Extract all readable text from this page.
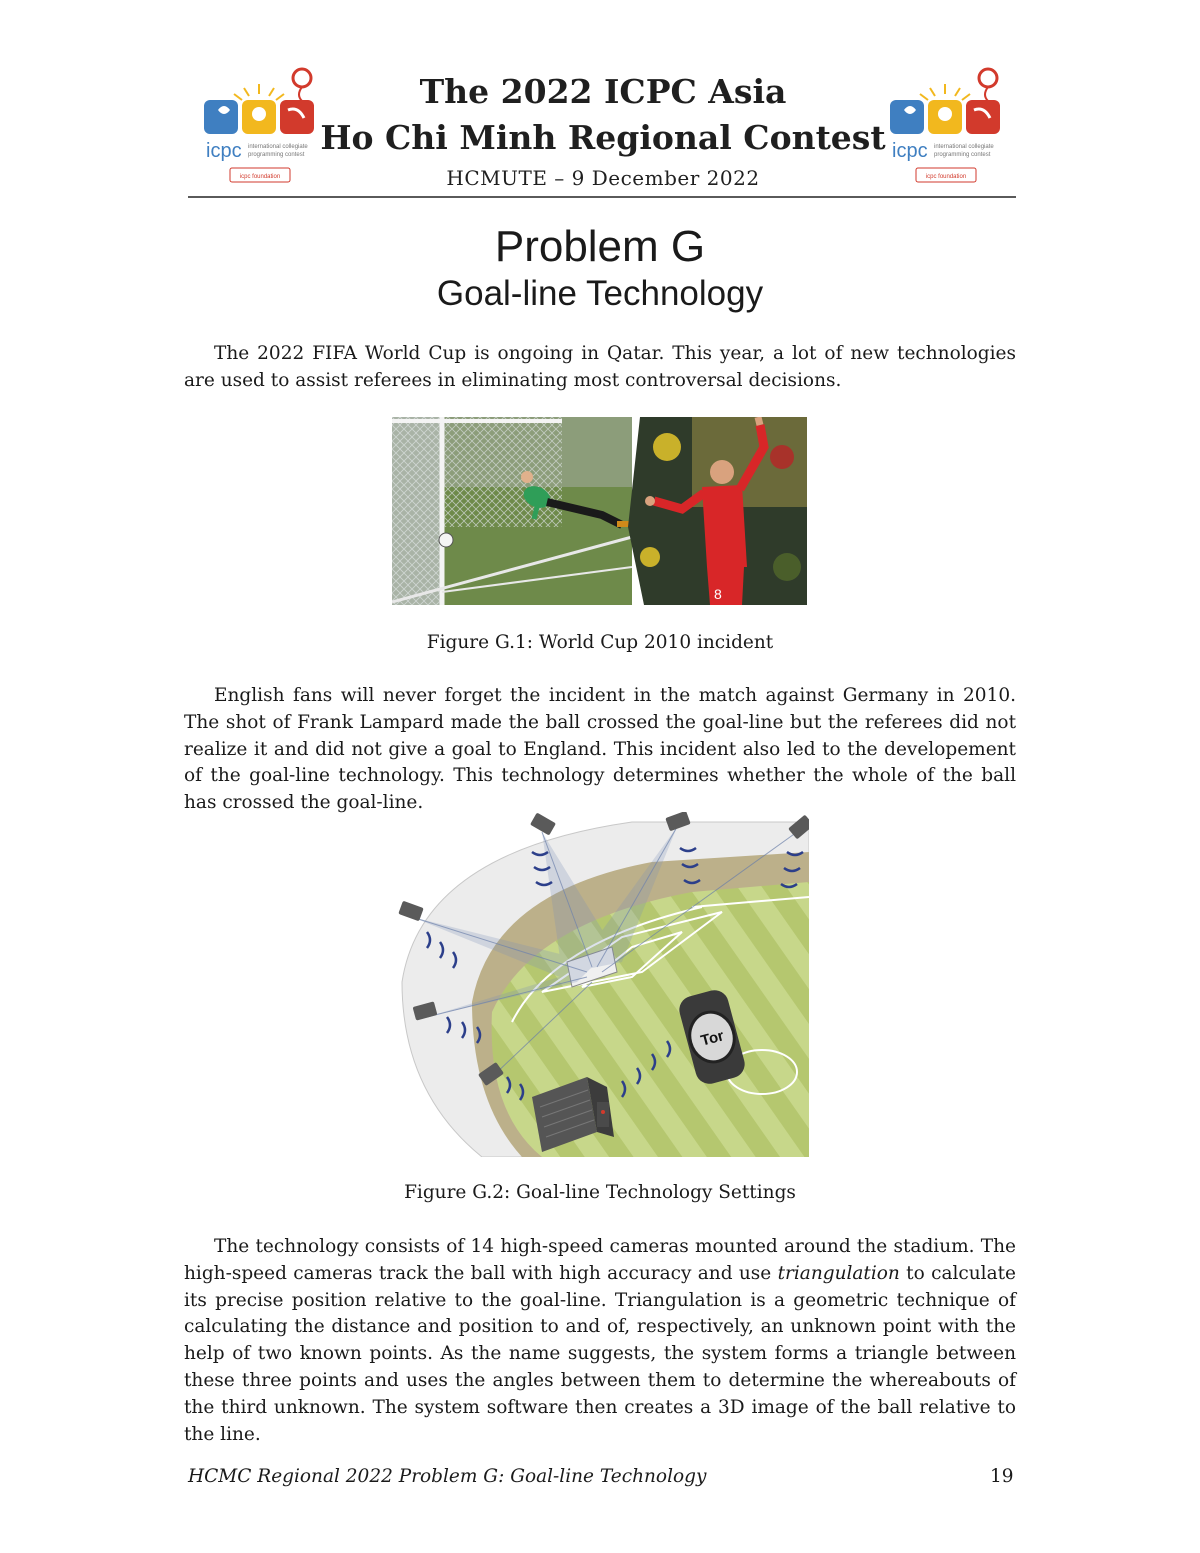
icpc international collegiate
programming contest
icpc foundation
The 2022 ICPC Asia
Ho Chi Minh Regional Contest
HCMUTE – 9 December 2022
icpc international collegiate
programming contest
icpc foundation
Problem G
Goal-line Technology
The 2022 FIFA World Cup is ongoing in Qatar. This year, a lot of new technologies are used to assist referees in eliminating most controversal decisions.
8
Figure G.1: World Cup 2010 incident
English fans will never forget the incident in the match against Germany in 2010. The shot of Frank Lampard made the ball crossed the goal-line but the referees did not realize it and did not give a goal to England. This incident also led to the developement of the goal-line technology. This technology determines whether the whole of the ball has crossed the goal-line.
Tor
Figure G.2: Goal-line Technology Settings
The technology consists of 14 high-speed cameras mounted around the stadium. The high-speed cameras track the ball with high accuracy and use triangulation to calculate its precise position relative to the goal-line. Triangulation is a geometric technique of calculating the distance and position to and of, respectively, an unknown point with the help of two known points. As the name suggests, the system forms a triangle between these three points and uses the angles between them to determine the whereabouts of the third unknown. The system software then creates a 3D image of the ball relative to the line.
HCMC Regional 2022 Problem G: Goal-line Technology	19
